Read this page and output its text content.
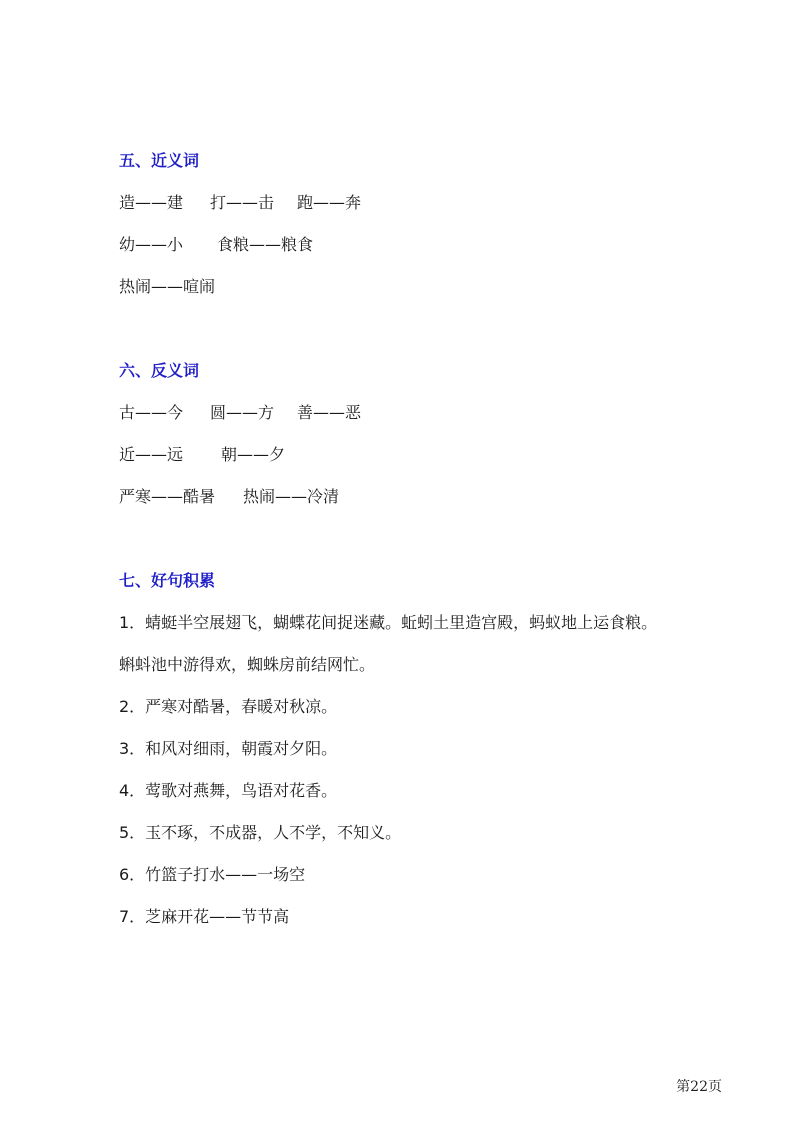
五、近义词
造——建 打——击 跑——奔
幼——小 食粮——粮食
热闹——喧闹
六、反义词
古——今 圆——方 善——恶
近——远 朝——夕
严寒——酷暑 热闹——冷清
七、好句积累
1．蜻蜓半空展翅飞，蝴蝶花间捉迷藏。蚯蚓土里造宫殿，蚂蚁地上运食粮。
蝌蚪池中游得欢，蜘蛛房前结网忙。
2．严寒对酷暑，春暖对秋凉。
3．和风对细雨，朝霞对夕阳。
4．莺歌对燕舞，鸟语对花香。
5．玉不琢，不成器，人不学，不知义。
6．竹篮子打水——一场空
7．芝麻开花——节节高
第22页
